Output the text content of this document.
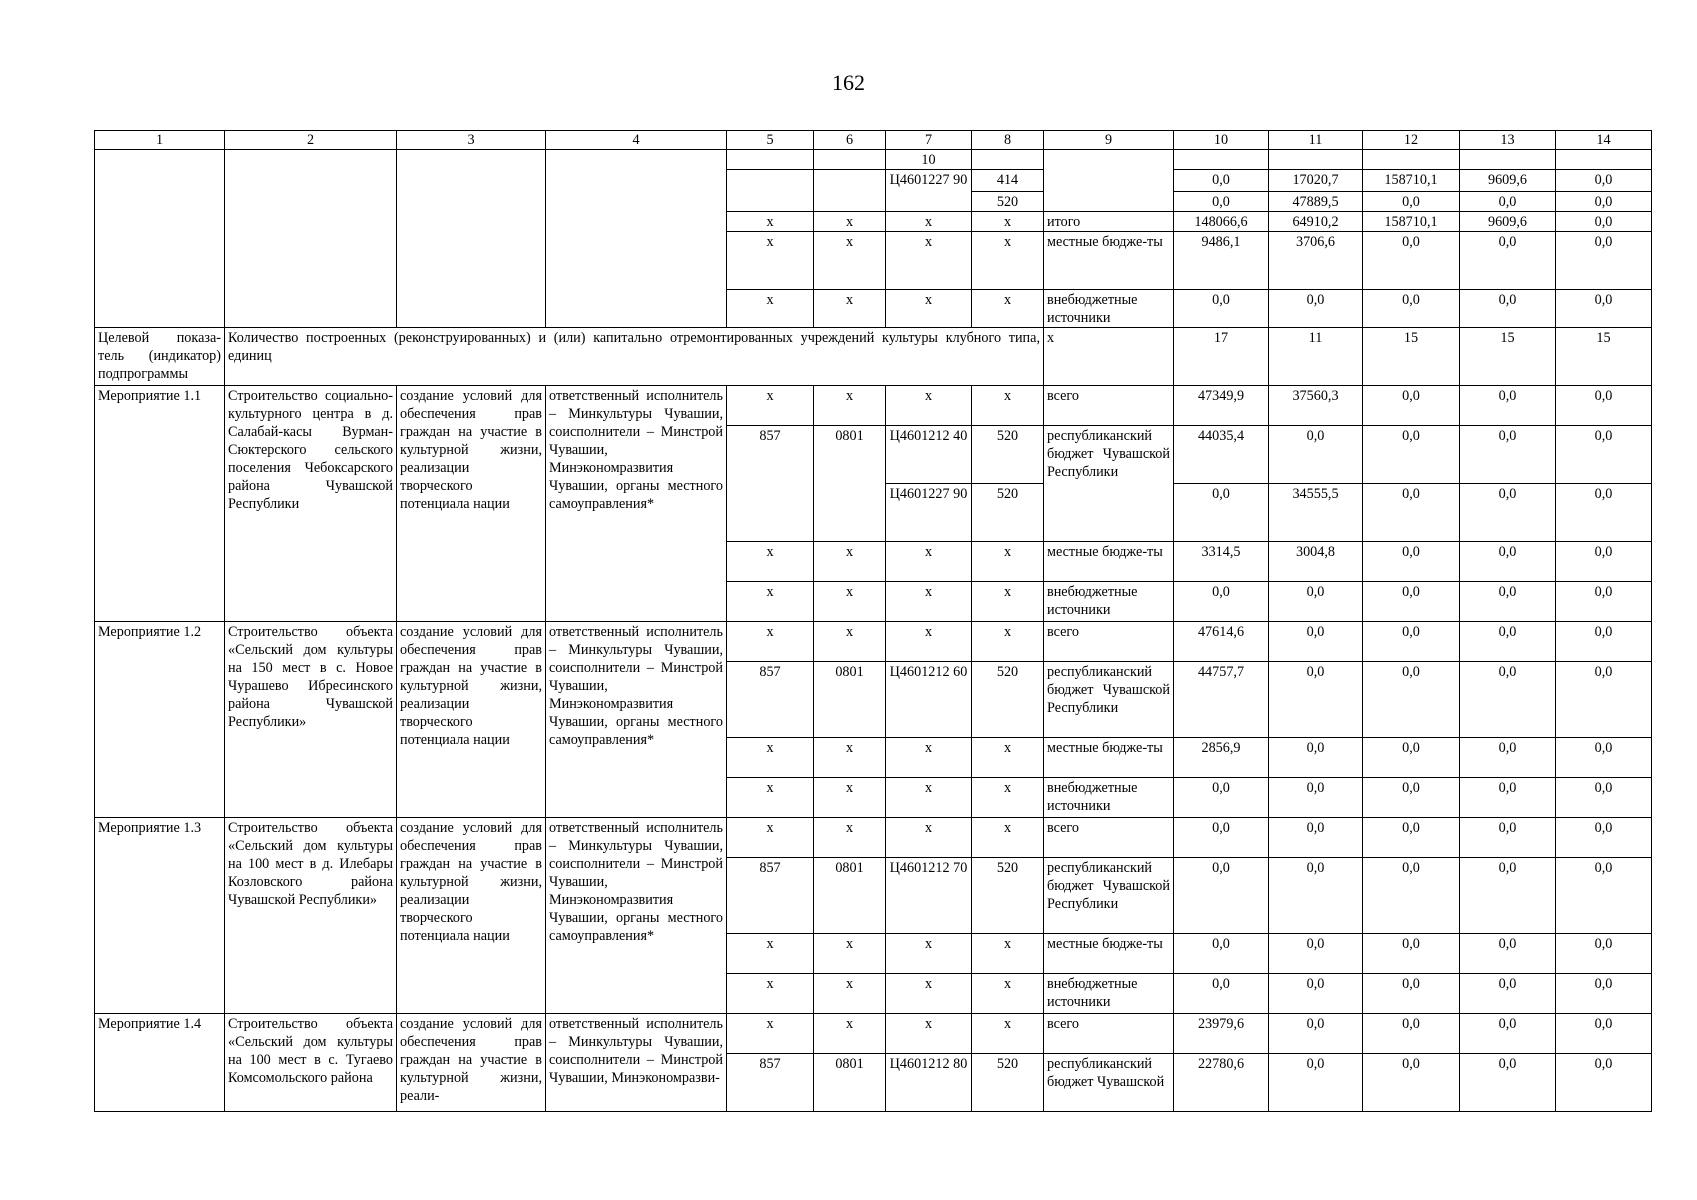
162
1	2	3	4	5	6	7	8	9	10	11	12	13	14
						10							
						Ц4601227 90	414		0,0	17020,7	158710,1	9609,6	0,0
							520		0,0	47889,5	0,0	0,0	0,0
				x	x	x	x	итого	148066,6	64910,2	158710,1	9609,6	0,0
				x	x	x	x	местные бюдже-ты	9486,1	3706,6	0,0	0,0	0,0
				x	x	x	x	внебюджетные источники	0,0	0,0	0,0	0,0	0,0
Целевой показа-тель (индикатор) подпрограммы	Количество построенных (реконструированных) и (или) капитально отремонтированных учреждений культуры клубного типа, единиц							x	17	11	15	15	15
Мероприятие 1.1	Строительство социально-культурного центра в д. Салабай-касы Вурман-Сюктерского сельского поселения Чебоксарского района Чувашской Республики	создание условий для обеспечения прав граждан на участие в культурной жизни, реализации творческого потенциала нации	ответственный исполнитель – Минкультуры Чувашии, соисполнители – Минстрой Чувашии, Минэкономразвития Чувашии, органы местного самоуправления*	x	x	x	x	всего	47349,9	37560,3	0,0	0,0	0,0
				857	0801	Ц4601212 40	520	республиканский бюджет Чувашской Республики	44035,4	0,0	0,0	0,0	0,0
						Ц4601227 90	520		0,0	34555,5	0,0	0,0	0,0
				x	x	x	x	местные бюдже-ты	3314,5	3004,8	0,0	0,0	0,0
				x	x	x	x	внебюджетные источники	0,0	0,0	0,0	0,0	0,0
Мероприятие 1.2	Строительство объекта «Сельский дом культуры на 150 мест в с. Новое Чурашево Ибресинского района Чувашской Республики»	создание условий для обеспечения прав граждан на участие в культурной жизни, реализации творческого потенциала нации	ответственный исполнитель – Минкультуры Чувашии, соисполнители – Минстрой Чувашии, Минэкономразвития Чувашии, органы местного самоуправления*	x	x	x	x	всего	47614,6	0,0	0,0	0,0	0,0
				857	0801	Ц4601212 60	520	республиканский бюджет Чувашской Республики	44757,7	0,0	0,0	0,0	0,0
				x	x	x	x	местные бюдже-ты	2856,9	0,0	0,0	0,0	0,0
				x	x	x	x	внебюджетные источники	0,0	0,0	0,0	0,0	0,0
Мероприятие 1.3	Строительство объекта «Сельский дом культуры на 100 мест в д. Илебары Козловского района Чувашской Республики»	создание условий для обеспечения прав граждан на участие в культурной жизни, реализации творческого потенциала нации	ответственный исполнитель – Минкультуры Чувашии, соисполнители – Минстрой Чувашии, Минэкономразвития Чувашии, органы местного самоуправления*	x	x	x	x	всего	0,0	0,0	0,0	0,0	0,0
				857	0801	Ц4601212 70	520	республиканский бюджет Чувашской Республики	0,0	0,0	0,0	0,0	0,0
				x	x	x	x	местные бюдже-ты	0,0	0,0	0,0	0,0	0,0
				x	x	x	x	внебюджетные источники	0,0	0,0	0,0	0,0	0,0
Мероприятие 1.4	Строительство объекта «Сельский дом культуры на 100 мест в с. Тугаево Комсомольского района	создание условий для обеспечения прав граждан на участие в культурной жизни, реали-	ответственный исполнитель – Минкультуры Чувашии, соисполнители – Минстрой Чувашии, Минэкономразви-	x	x	x	x	всего	23979,6	0,0	0,0	0,0	0,0
				857	0801	Ц4601212 80	520	республиканский бюджет Чувашской	22780,6	0,0	0,0	0,0	0,0
